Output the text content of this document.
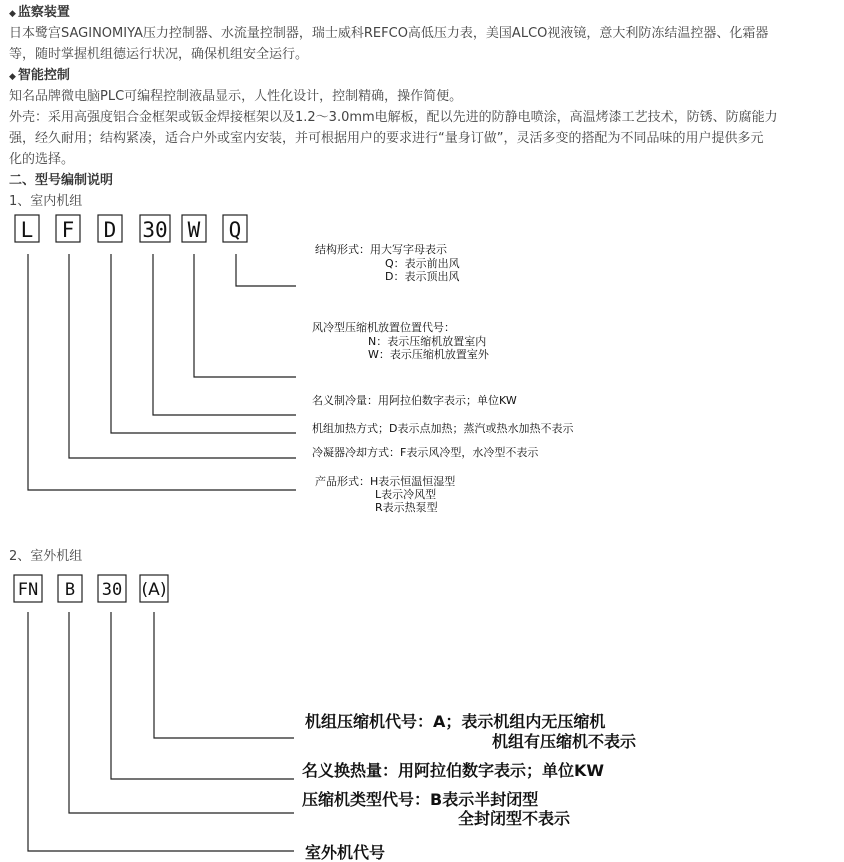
◆ 监察装置
日本鹭宫SAGINOMIYA压力控制器、水流量控制器，瑞士威科REFCO高低压力表，美国ALCO视液镜，意大利防冻结温控器、化霜器
等，随时掌握机组德运行状况，确保机组安全运行。
◆ 智能控制
知名品牌微电脑PLC可编程控制液晶显示，人性化设计，控制精确，操作简便。
外壳：采用高强度铝合金框架或钣金焊接框架以及1.2～3.0mm电解板，配以先进的防静电喷涂，高温烤漆工艺技术，防锈、防腐能力
强，经久耐用；结构紧凑，适合户外或室内安装，并可根据用户的要求进行“量身订做”，灵活多变的搭配为不同品味的用户提供多元
化的选择。
二、型号编制说明
1、室内机组
2、室外机组
L F D 30 W Q
结构形式：用大写字母表示
Q：表示前出风
D：表示顶出风
风冷型压缩机放置位置代号：
N：表示压缩机放置室内
W：表示压缩机放置室外
名义制冷量：用阿拉伯数字表示；单位KW
机组加热方式；D表示点加热；蒸汽或热水加热不表示
冷凝器冷却方式：F表示风冷型，水冷型不表示
产品形式：H表示恒温恒湿型
L表示冷风型
R表示热泵型
FN B 30 (A)
机组压缩机代号：A；表示机组内无压缩机
机组有压缩机不表示
名义换热量：用阿拉伯数字表示；单位KW
压缩机类型代号：B表示半封闭型
全封闭型不表示
室外机代号
